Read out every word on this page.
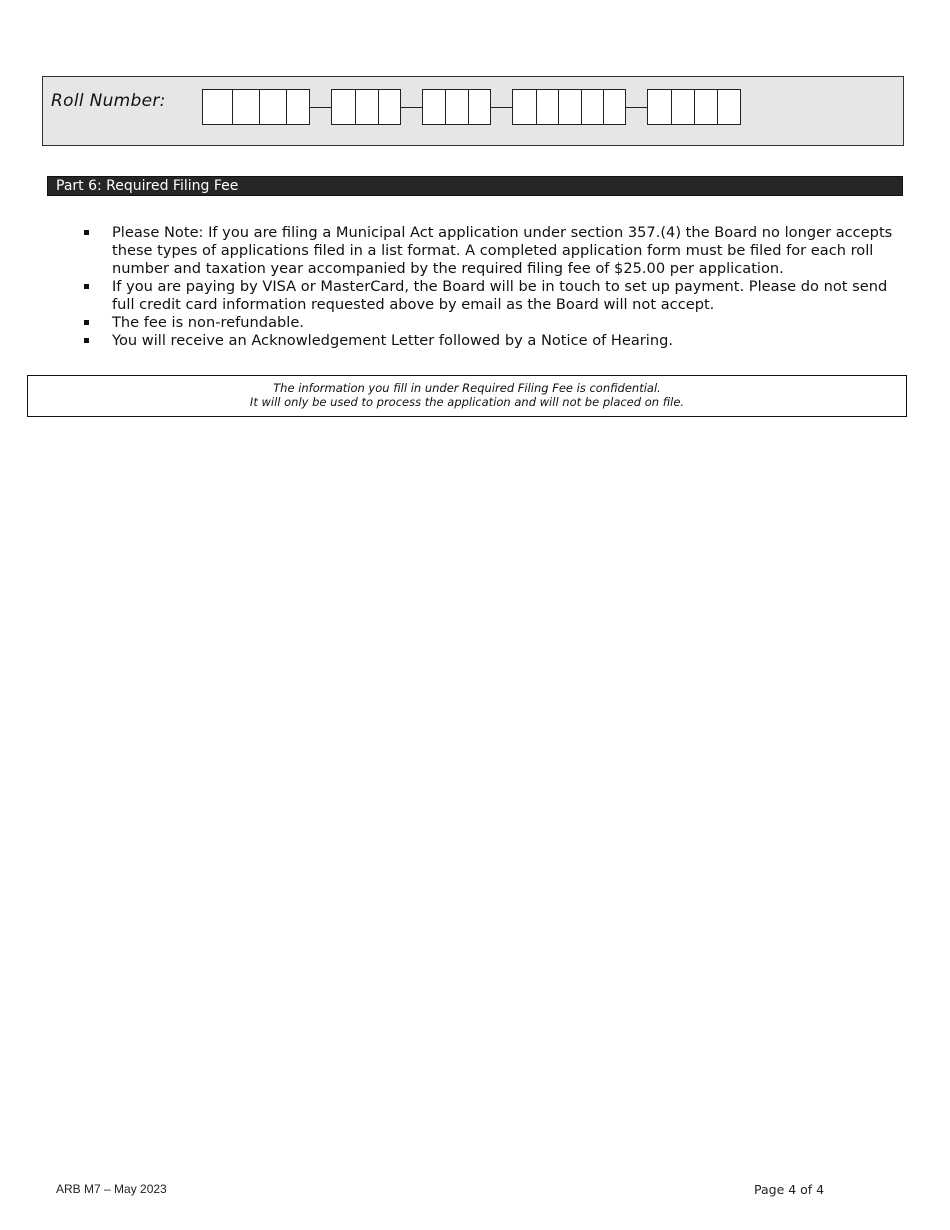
Roll Number:
Part 6: Required Filing Fee
Please Note: If you are filing a Municipal Act application under section 357.(4) the Board no longer accepts these types of applications filed in a list format. A completed application form must be filed for each roll number and taxation year accompanied by the required filing fee of $25.00 per application.
If you are paying by VISA or MasterCard, the Board will be in touch to set up payment. Please do not send full credit card information requested above by email as the Board will not accept.
The fee is non-refundable.
You will receive an Acknowledgement Letter followed by a Notice of Hearing.
The information you fill in under Required Filing Fee is confidential.
It will only be used to process the application and will not be placed on file.
ARB M7 – May 2023	Page 4 of 4
